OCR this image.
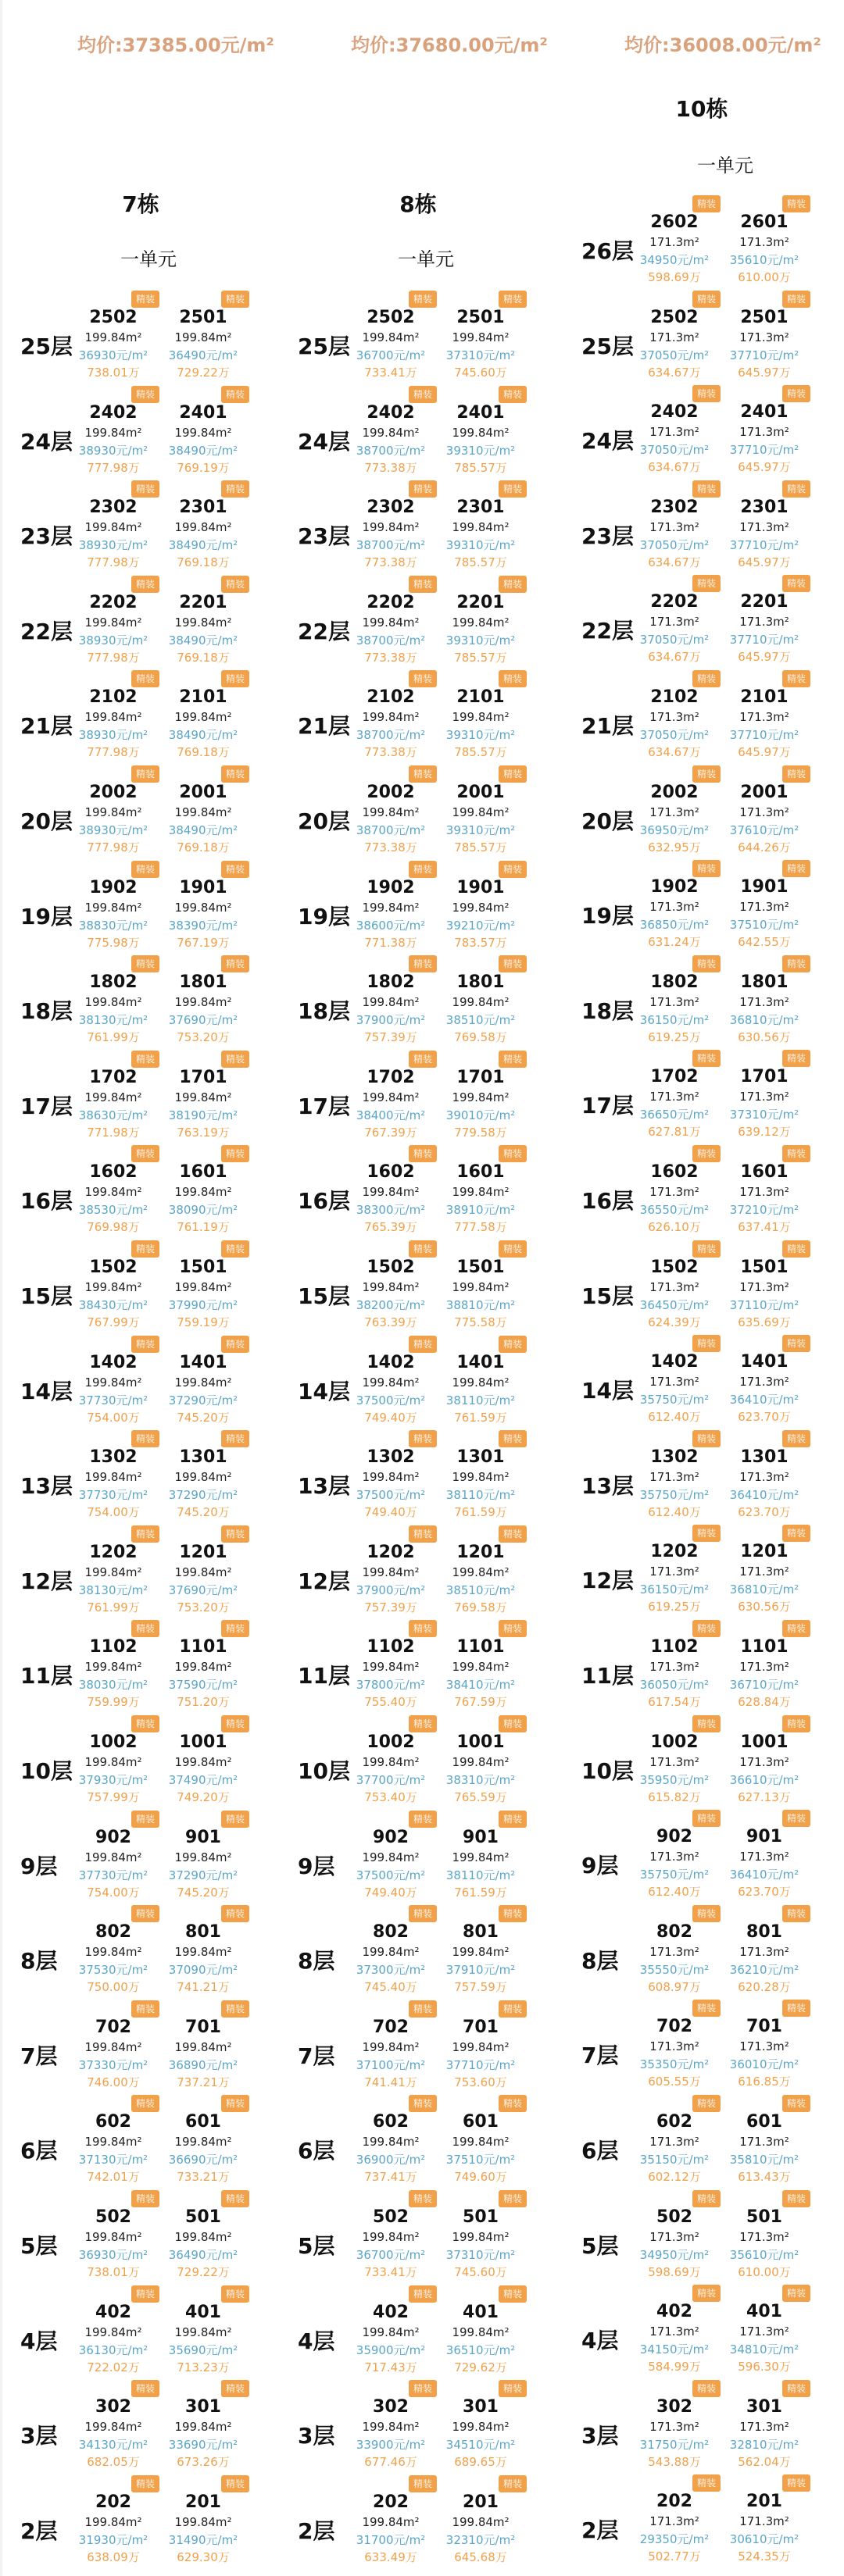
均价:37385.00元/m²	均价:37680.00元/m²	均价:36008.00元/m²
7栋
一单元
25层
精装
2502
199.84m²
36930元/m²
738.01万
精装
2501
199.84m²
36490元/m²
729.22万
24层
精装
2402
199.84m²
38930元/m²
777.98万
精装
2401
199.84m²
38490元/m²
769.19万
23层
精装
2302
199.84m²
38930元/m²
777.98万
精装
2301
199.84m²
38490元/m²
769.18万
22层
精装
2202
199.84m²
38930元/m²
777.98万
精装
2201
199.84m²
38490元/m²
769.18万
21层
精装
2102
199.84m²
38930元/m²
777.98万
精装
2101
199.84m²
38490元/m²
769.18万
20层
精装
2002
199.84m²
38930元/m²
777.98万
精装
2001
199.84m²
38490元/m²
769.18万
19层
精装
1902
199.84m²
38830元/m²
775.98万
精装
1901
199.84m²
38390元/m²
767.19万
18层
精装
1802
199.84m²
38130元/m²
761.99万
精装
1801
199.84m²
37690元/m²
753.20万
17层
精装
1702
199.84m²
38630元/m²
771.98万
精装
1701
199.84m²
38190元/m²
763.19万
16层
精装
1602
199.84m²
38530元/m²
769.98万
精装
1601
199.84m²
38090元/m²
761.19万
15层
精装
1502
199.84m²
38430元/m²
767.99万
精装
1501
199.84m²
37990元/m²
759.19万
14层
精装
1402
199.84m²
37730元/m²
754.00万
精装
1401
199.84m²
37290元/m²
745.20万
13层
精装
1302
199.84m²
37730元/m²
754.00万
精装
1301
199.84m²
37290元/m²
745.20万
12层
精装
1202
199.84m²
38130元/m²
761.99万
精装
1201
199.84m²
37690元/m²
753.20万
11层
精装
1102
199.84m²
38030元/m²
759.99万
精装
1101
199.84m²
37590元/m²
751.20万
10层
精装
1002
199.84m²
37930元/m²
757.99万
精装
1001
199.84m²
37490元/m²
749.20万
9层
精装
902
199.84m²
37730元/m²
754.00万
精装
901
199.84m²
37290元/m²
745.20万
8层
精装
802
199.84m²
37530元/m²
750.00万
精装
801
199.84m²
37090元/m²
741.21万
7层
精装
702
199.84m²
37330元/m²
746.00万
精装
701
199.84m²
36890元/m²
737.21万
6层
精装
602
199.84m²
37130元/m²
742.01万
精装
601
199.84m²
36690元/m²
733.21万
5层
精装
502
199.84m²
36930元/m²
738.01万
精装
501
199.84m²
36490元/m²
729.22万
4层
精装
402
199.84m²
36130元/m²
722.02万
精装
401
199.84m²
35690元/m²
713.23万
3层
精装
302
199.84m²
34130元/m²
682.05万
精装
301
199.84m²
33690元/m²
673.26万
2层
精装
202
199.84m²
31930元/m²
638.09万
精装
201
199.84m²
31490元/m²
629.30万
8栋
一单元
25层
精装
2502
199.84m²
36700元/m²
733.41万
精装
2501
199.84m²
37310元/m²
745.60万
24层
精装
2402
199.84m²
38700元/m²
773.38万
精装
2401
199.84m²
39310元/m²
785.57万
23层
精装
2302
199.84m²
38700元/m²
773.38万
精装
2301
199.84m²
39310元/m²
785.57万
22层
精装
2202
199.84m²
38700元/m²
773.38万
精装
2201
199.84m²
39310元/m²
785.57万
21层
精装
2102
199.84m²
38700元/m²
773.38万
精装
2101
199.84m²
39310元/m²
785.57万
20层
精装
2002
199.84m²
38700元/m²
773.38万
精装
2001
199.84m²
39310元/m²
785.57万
19层
精装
1902
199.84m²
38600元/m²
771.38万
精装
1901
199.84m²
39210元/m²
783.57万
18层
精装
1802
199.84m²
37900元/m²
757.39万
精装
1801
199.84m²
38510元/m²
769.58万
17层
精装
1702
199.84m²
38400元/m²
767.39万
精装
1701
199.84m²
39010元/m²
779.58万
16层
精装
1602
199.84m²
38300元/m²
765.39万
精装
1601
199.84m²
38910元/m²
777.58万
15层
精装
1502
199.84m²
38200元/m²
763.39万
精装
1501
199.84m²
38810元/m²
775.58万
14层
精装
1402
199.84m²
37500元/m²
749.40万
精装
1401
199.84m²
38110元/m²
761.59万
13层
精装
1302
199.84m²
37500元/m²
749.40万
精装
1301
199.84m²
38110元/m²
761.59万
12层
精装
1202
199.84m²
37900元/m²
757.39万
精装
1201
199.84m²
38510元/m²
769.58万
11层
精装
1102
199.84m²
37800元/m²
755.40万
精装
1101
199.84m²
38410元/m²
767.59万
10层
精装
1002
199.84m²
37700元/m²
753.40万
精装
1001
199.84m²
38310元/m²
765.59万
9层
精装
902
199.84m²
37500元/m²
749.40万
精装
901
199.84m²
38110元/m²
761.59万
8层
精装
802
199.84m²
37300元/m²
745.40万
精装
801
199.84m²
37910元/m²
757.59万
7层
精装
702
199.84m²
37100元/m²
741.41万
精装
701
199.84m²
37710元/m²
753.60万
6层
精装
602
199.84m²
36900元/m²
737.41万
精装
601
199.84m²
37510元/m²
749.60万
5层
精装
502
199.84m²
36700元/m²
733.41万
精装
501
199.84m²
37310元/m²
745.60万
4层
精装
402
199.84m²
35900元/m²
717.43万
精装
401
199.84m²
36510元/m²
729.62万
3层
精装
302
199.84m²
33900元/m²
677.46万
精装
301
199.84m²
34510元/m²
689.65万
2层
精装
202
199.84m²
31700元/m²
633.49万
精装
201
199.84m²
32310元/m²
645.68万
10栋
一单元
26层
精装
2602
171.3m²
34950元/m²
598.69万
精装
2601
171.3m²
35610元/m²
610.00万
25层
精装
2502
171.3m²
37050元/m²
634.67万
精装
2501
171.3m²
37710元/m²
645.97万
24层
精装
2402
171.3m²
37050元/m²
634.67万
精装
2401
171.3m²
37710元/m²
645.97万
23层
精装
2302
171.3m²
37050元/m²
634.67万
精装
2301
171.3m²
37710元/m²
645.97万
22层
精装
2202
171.3m²
37050元/m²
634.67万
精装
2201
171.3m²
37710元/m²
645.97万
21层
精装
2102
171.3m²
37050元/m²
634.67万
精装
2101
171.3m²
37710元/m²
645.97万
20层
精装
2002
171.3m²
36950元/m²
632.95万
精装
2001
171.3m²
37610元/m²
644.26万
19层
精装
1902
171.3m²
36850元/m²
631.24万
精装
1901
171.3m²
37510元/m²
642.55万
18层
精装
1802
171.3m²
36150元/m²
619.25万
精装
1801
171.3m²
36810元/m²
630.56万
17层
精装
1702
171.3m²
36650元/m²
627.81万
精装
1701
171.3m²
37310元/m²
639.12万
16层
精装
1602
171.3m²
36550元/m²
626.10万
精装
1601
171.3m²
37210元/m²
637.41万
15层
精装
1502
171.3m²
36450元/m²
624.39万
精装
1501
171.3m²
37110元/m²
635.69万
14层
精装
1402
171.3m²
35750元/m²
612.40万
精装
1401
171.3m²
36410元/m²
623.70万
13层
精装
1302
171.3m²
35750元/m²
612.40万
精装
1301
171.3m²
36410元/m²
623.70万
12层
精装
1202
171.3m²
36150元/m²
619.25万
精装
1201
171.3m²
36810元/m²
630.56万
11层
精装
1102
171.3m²
36050元/m²
617.54万
精装
1101
171.3m²
36710元/m²
628.84万
10层
精装
1002
171.3m²
35950元/m²
615.82万
精装
1001
171.3m²
36610元/m²
627.13万
9层
精装
902
171.3m²
35750元/m²
612.40万
精装
901
171.3m²
36410元/m²
623.70万
8层
精装
802
171.3m²
35550元/m²
608.97万
精装
801
171.3m²
36210元/m²
620.28万
7层
精装
702
171.3m²
35350元/m²
605.55万
精装
701
171.3m²
36010元/m²
616.85万
6层
精装
602
171.3m²
35150元/m²
602.12万
精装
601
171.3m²
35810元/m²
613.43万
5层
精装
502
171.3m²
34950元/m²
598.69万
精装
501
171.3m²
35610元/m²
610.00万
4层
精装
402
171.3m²
34150元/m²
584.99万
精装
401
171.3m²
34810元/m²
596.30万
3层
精装
302
171.3m²
31750元/m²
543.88万
精装
301
171.3m²
32810元/m²
562.04万
2层
精装
202
171.3m²
29350元/m²
502.77万
精装
201
171.3m²
30610元/m²
524.35万
